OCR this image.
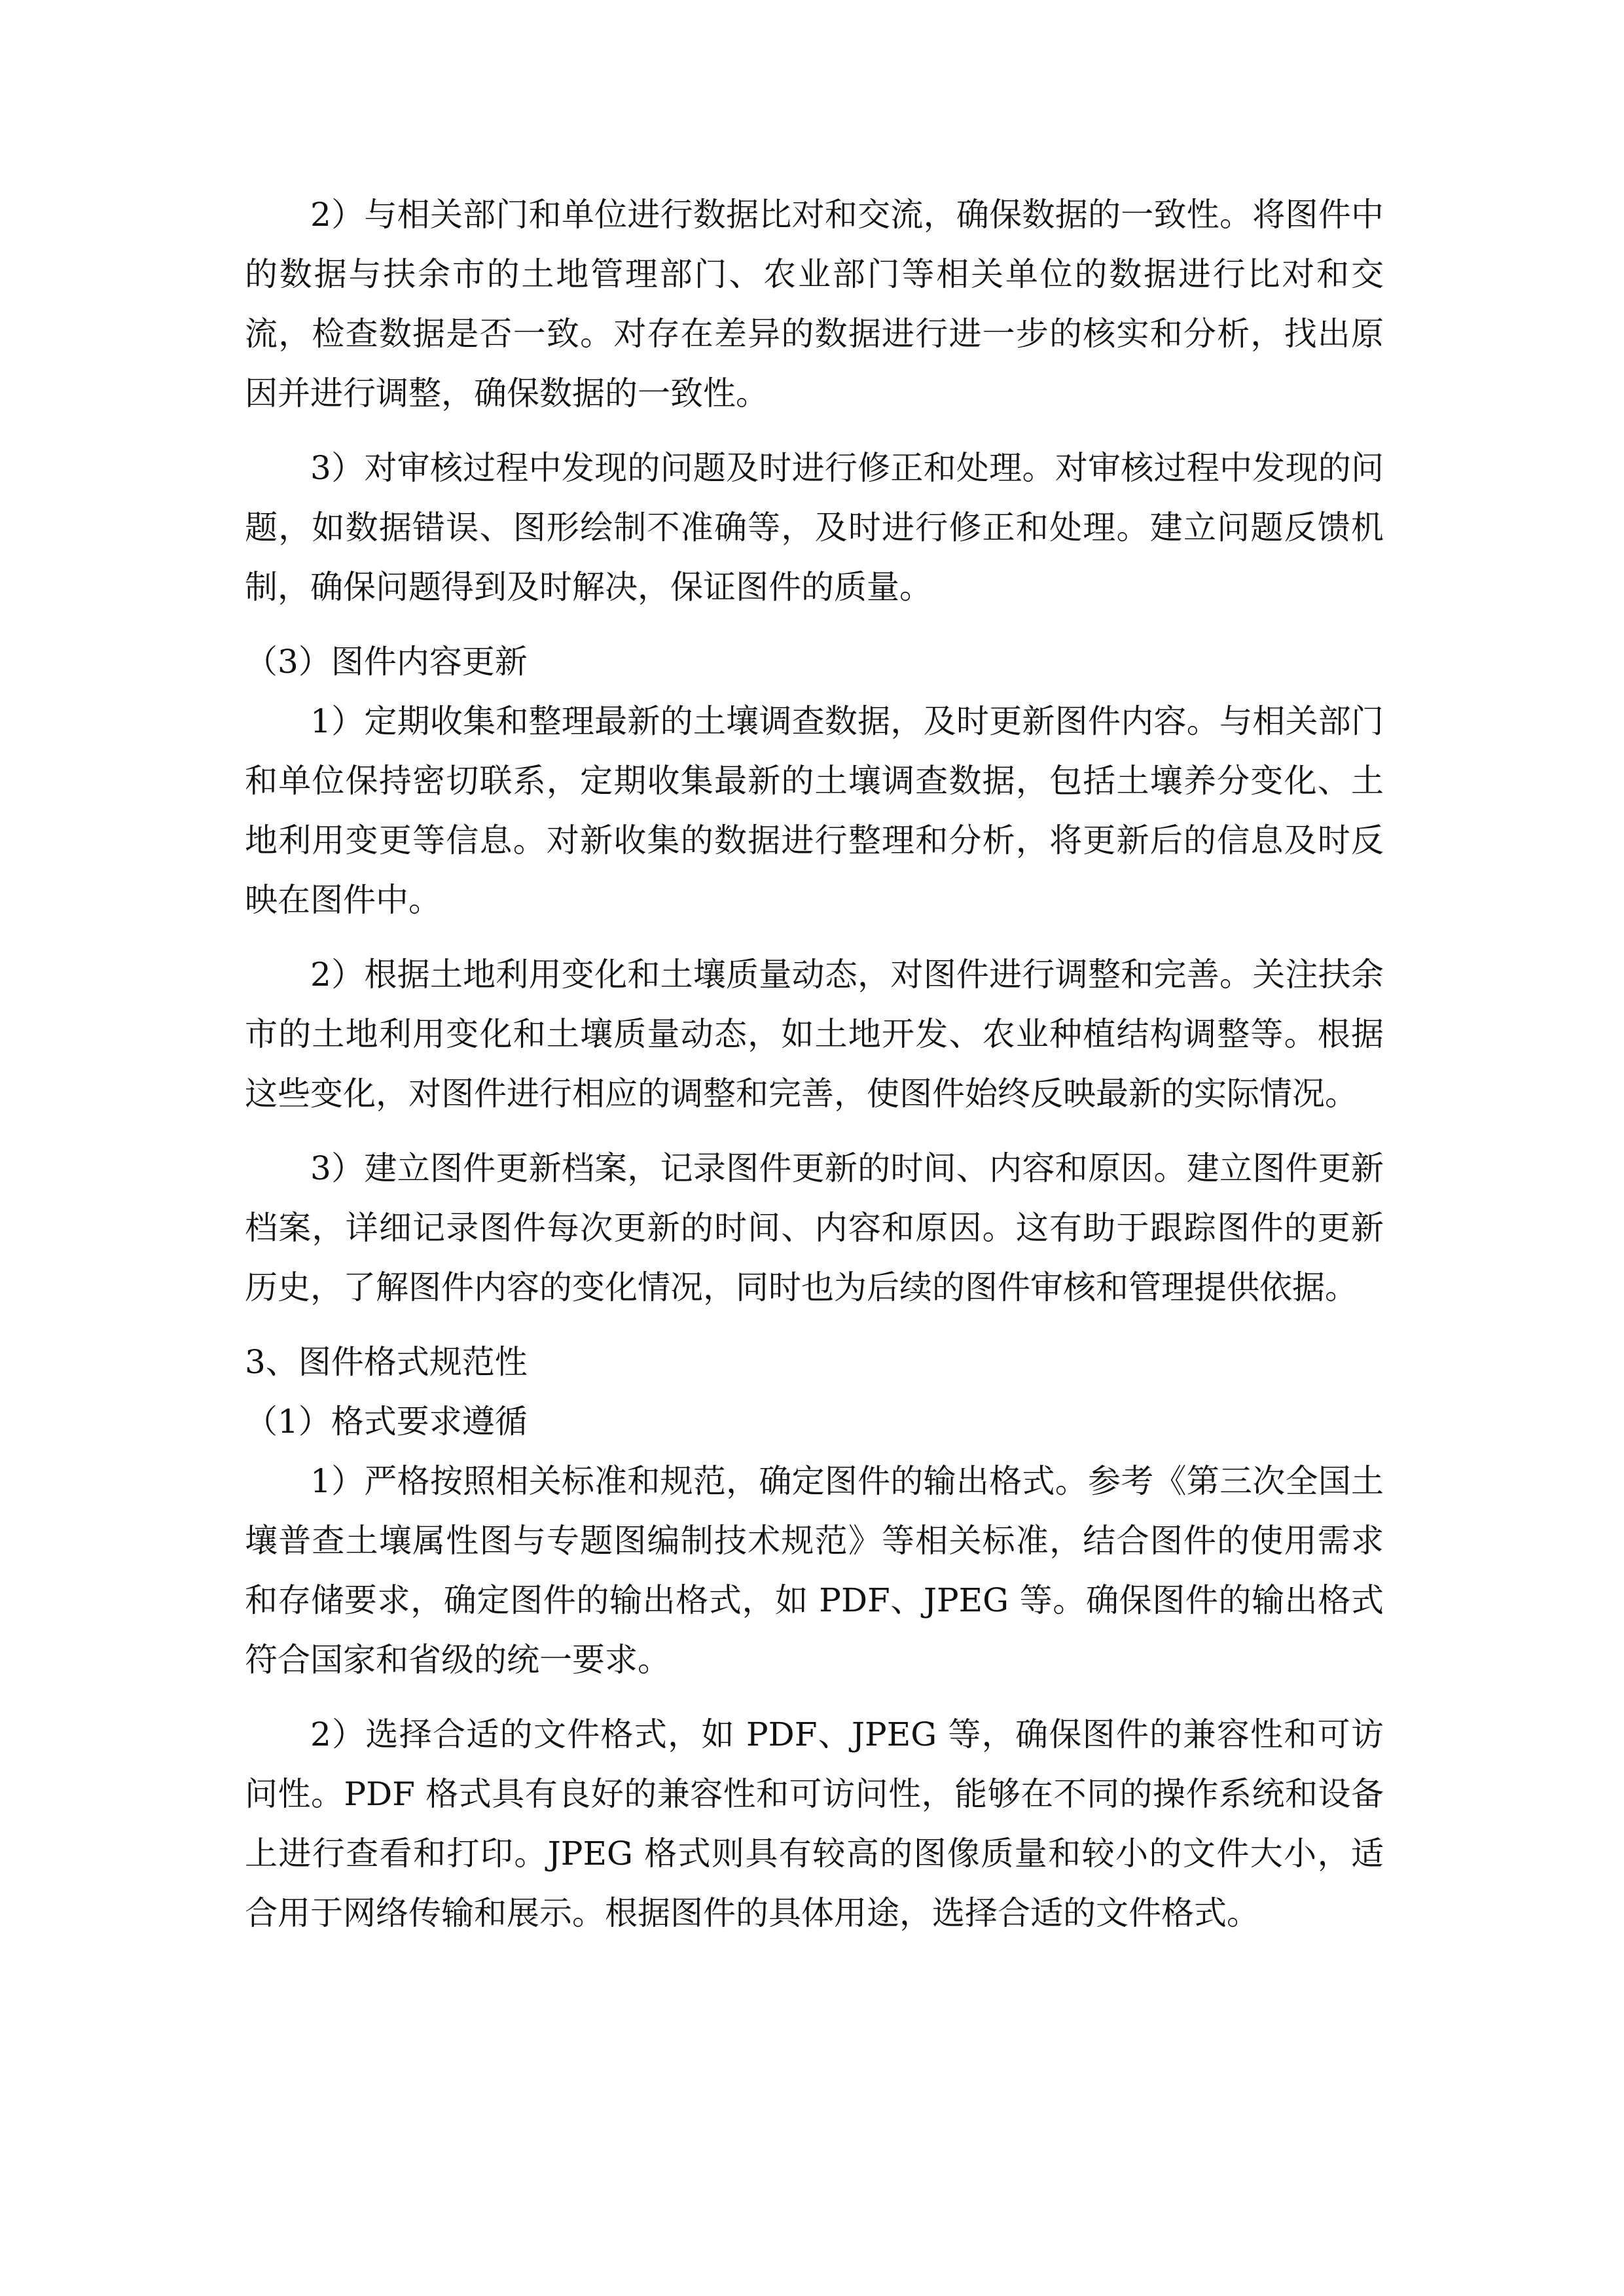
2）与相关部门和单位进行数据比对和交流，确保数据的一致性。将图件中的数据与扶余市的土地管理部门、农业部门等相关单位的数据进行比对和交流，检查数据是否一致。对存在差异的数据进行进一步的核实和分析，找出原因并进行调整，确保数据的一致性。

3）对审核过程中发现的问题及时进行修正和处理。对审核过程中发现的问题，如数据错误、图形绘制不准确等，及时进行修正和处理。建立问题反馈机制，确保问题得到及时解决，保证图件的质量。

（3）图件内容更新

1）定期收集和整理最新的土壤调查数据，及时更新图件内容。与相关部门和单位保持密切联系，定期收集最新的土壤调查数据，包括土壤养分变化、土地利用变更等信息。对新收集的数据进行整理和分析，将更新后的信息及时反映在图件中。

2）根据土地利用变化和土壤质量动态，对图件进行调整和完善。关注扶余市的土地利用变化和土壤质量动态，如土地开发、农业种植结构调整等。根据这些变化，对图件进行相应的调整和完善，使图件始终反映最新的实际情况。

3）建立图件更新档案，记录图件更新的时间、内容和原因。建立图件更新档案，详细记录图件每次更新的时间、内容和原因。这有助于跟踪图件的更新历史，了解图件内容的变化情况，同时也为后续的图件审核和管理提供依据。

3、图件格式规范性

（1）格式要求遵循

1）严格按照相关标准和规范，确定图件的输出格式。参考《第三次全国土壤普查土壤属性图与专题图编制技术规范》等相关标准，结合图件的使用需求和存储要求，确定图件的输出格式，如 PDF、JPEG 等。确保图件的输出格式符合国家和省级的统一要求。

2）选择合适的文件格式，如 PDF、JPEG 等，确保图件的兼容性和可访问性。PDF 格式具有良好的兼容性和可访问性，能够在不同的操作系统和设备上进行查看和打印。JPEG 格式则具有较高的图像质量和较小的文件大小，适合用于网络传输和展示。根据图件的具体用途，选择合适的文件格式。
